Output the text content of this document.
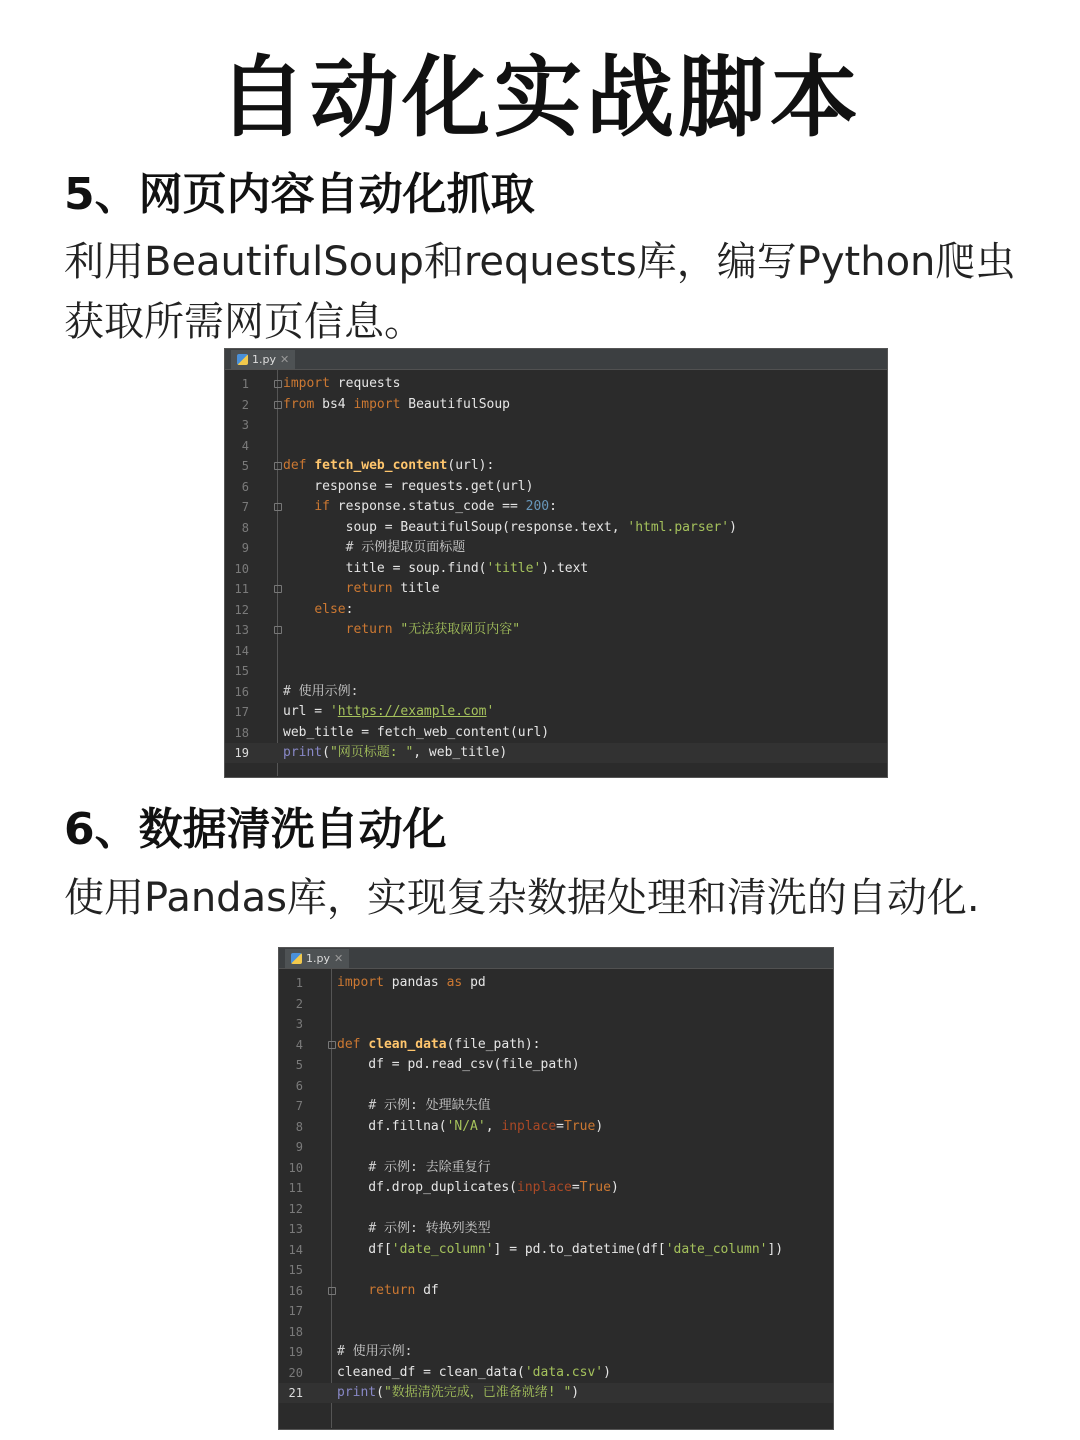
自动化实战脚本
5、网页内容自动化抓取
利用BeautifulSoup和requests库，编写Python爬虫
获取所需网页信息。
1.py ✕
1	import requests
2	from bs4 import BeautifulSoup
3
4
5	def fetch_web_content(url):
6	response = requests.get(url)
7	if response.status_code == 200:
8	soup = BeautifulSoup(response.text, 'html.parser')
9	# 示例提取页面标题
10	title = soup.find('title').text
11	return title
12	else:
13	return "无法获取网页内容"
14
15
16	# 使用示例:
17	url = 'https://example.com'
18	web_title = fetch_web_content(url)
19	print("网页标题: ", web_title)
6、数据清洗自动化
使用Pandas库，实现复杂数据处理和清洗的自动化.
1.py ✕
1	import pandas as pd
2
3
4	def clean_data(file_path):
5	df = pd.read_csv(file_path)
6
7	# 示例: 处理缺失值
8	df.fillna('N/A', inplace=True)
9
10	# 示例: 去除重复行
11	df.drop_duplicates(inplace=True)
12
13	# 示例: 转换列类型
14	df['date_column'] = pd.to_datetime(df['date_column'])
15
16	return df
17
18
19	# 使用示例:
20	cleaned_df = clean_data('data.csv')
21	print("数据清洗完成，已准备就绪! ")
